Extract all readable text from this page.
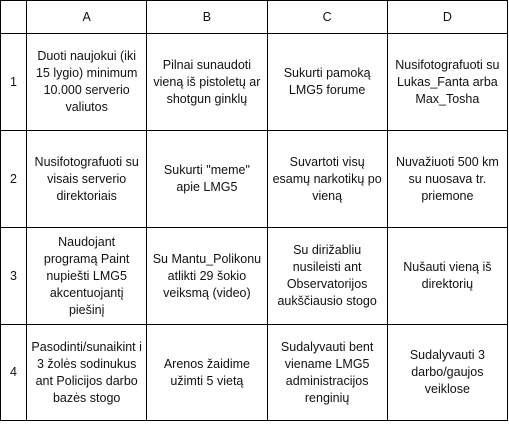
	A	B	C	D
1	Duoti naujokui (iki 15 lygio) minimum 10.000 serverio valiutos	Pilnai sunaudoti vieną iš pistoletų ar shotgun ginklų	Sukurti pamoką LMG5 forume	Nusifotografuoti su Lukas_Fanta arba Max_Tosha
2	Nusifotografuoti su visais serverio direktoriais	Sukurti "meme" apie LMG5	Suvartoti visų esamų narkotikų po vieną	Nuvažiuoti 500 km su nuosava tr. priemone
3	Naudojant programą Paint nupiešti LMG5 akcentuojantį piešinį	Su Mantu_Polikonu atlikti 29 šokio veiksmą (video)	Su dirižabliu nusileisti ant Observatorijos aukščiausio stogo	Nušauti vieną iš direktorių
4	Pasodinti/sunaikint i 3 žolės sodinukus ant Policijos darbo bazės stogo	Arenos žaidime užimti 5 vietą	Sudalyvauti bent viename LMG5 administracijos renginių	Sudalyvauti 3 darbo/gaujos veiklose
